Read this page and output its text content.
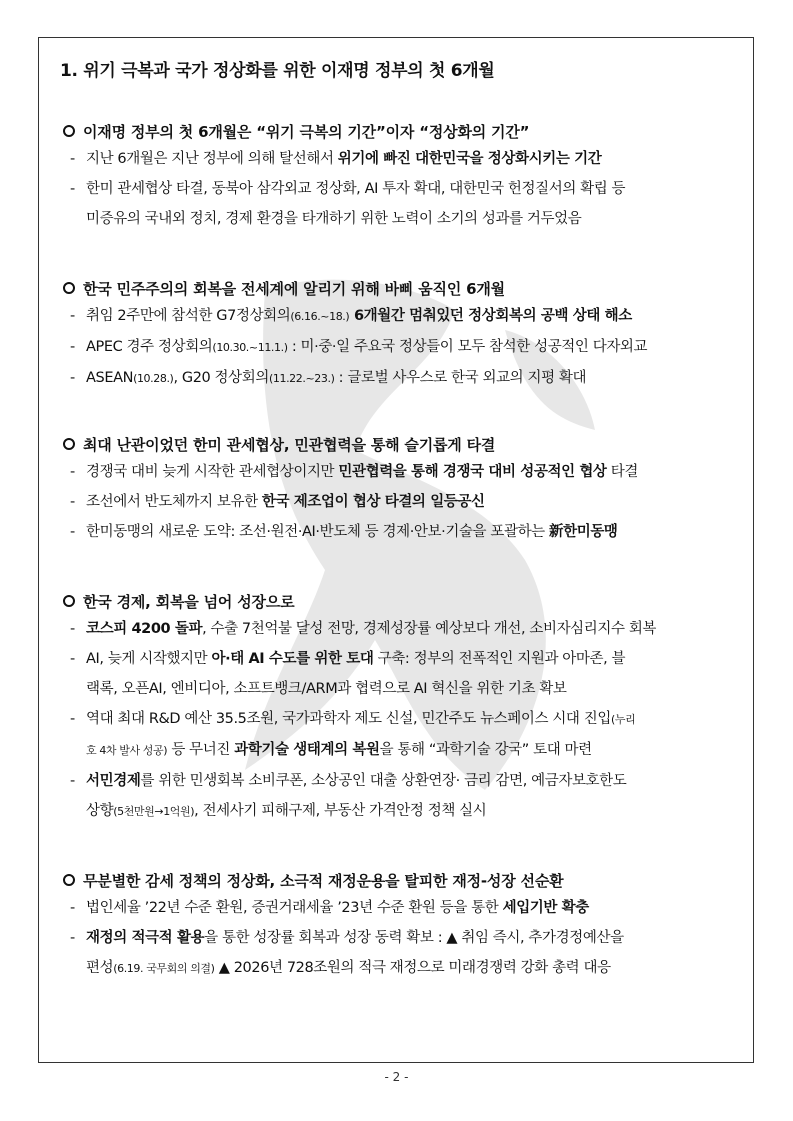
1. 위기 극복과 국가 정상화를 위한 이재명 정부의 첫 6개월
이재명 정부의 첫 6개월은 “위기 극복의 기간”이자 “정상화의 기간”
- 지난 6개월은 지난 정부에 의해 탈선해서 위기에 빠진 대한민국을 정상화시키는 기간
- 한미 관세협상 타결, 동북아 삼각외교 정상화, AI 투자 확대, 대한민국 헌정질서의 확립 등
미증유의 국내외 정치, 경제 환경을 타개하기 위한 노력이 소기의 성과를 거두었음
한국 민주주의의 회복을 전세계에 알리기 위해 바삐 움직인 6개월
- 취임 2주만에 참석한 G7정상회의(6.16.~18.) 6개월간 멈춰있던 정상회복의 공백 상태 해소
- APEC 경주 정상회의(10.30.~11.1.) : 미·중·일 주요국 정상들이 모두 참석한 성공적인 다자외교
- ASEAN(10.28.), G20 정상회의(11.22.~23.) : 글로벌 사우스로 한국 외교의 지평 확대
최대 난관이었던 한미 관세협상, 민관협력을 통해 슬기롭게 타결
- 경쟁국 대비 늦게 시작한 관세협상이지만 민관협력을 통해 경쟁국 대비 성공적인 협상 타결
- 조선에서 반도체까지 보유한 한국 제조업이 협상 타결의 일등공신
- 한미동맹의 새로운 도약: 조선·원전·AI·반도체 등 경제·안보·기술을 포괄하는 新한미동맹
한국 경제, 회복을 넘어 성장으로
- 코스피 4200 돌파, 수출 7천억불 달성 전망, 경제성장률 예상보다 개선, 소비자심리지수 회복
- AI, 늦게 시작했지만 아·태 AI 수도를 위한 토대 구축: 정부의 전폭적인 지원과 아마존, 블
랙록, 오픈AI, 엔비디아, 소프트뱅크/ARM과 협력으로 AI 혁신을 위한 기초 확보
- 역대 최대 R&D 예산 35.5조원, 국가과학자 제도 신설, 민간주도 뉴스페이스 시대 진입(누리
호 4차 발사 성공) 등 무너진 과학기술 생태계의 복원을 통해 “과학기술 강국” 토대 마련
- 서민경제를 위한 민생회복 소비쿠폰, 소상공인 대출 상환연장· 금리 감면, 예금자보호한도
상향(5천만원→1억원), 전세사기 피해구제, 부동산 가격안정 정책 실시
무분별한 감세 정책의 정상화, 소극적 재정운용을 탈피한 재정-성장 선순환
- 법인세율 ’22년 수준 환원, 증권거래세율 ’23년 수준 환원 등을 통한 세입기반 확충
- 재정의 적극적 활용을 통한 성장률 회복과 성장 동력 확보 : ▲ 취임 즉시, 추가경정예산을
편성(6.19. 국무회의 의결) ▲ 2026년 728조원의 적극 재정으로 미래경쟁력 강화 총력 대응
- 2 -
